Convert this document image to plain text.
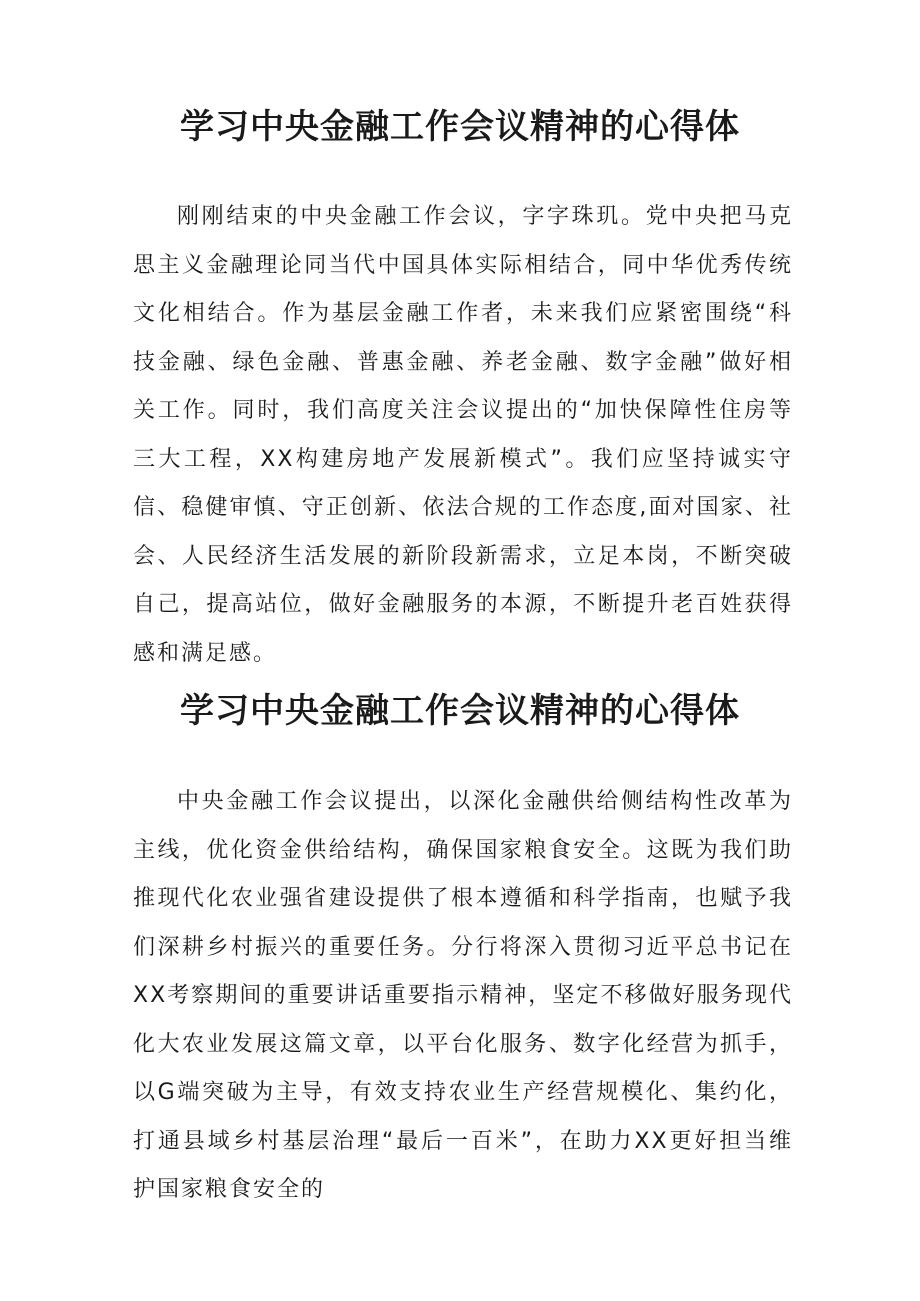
学习中央金融工作会议精神的心得体

刚刚结束的中央金融工作会议，字字珠玑。党中央把马克思主义金融理论同当代中国具体实际相结合，同中华优秀传统文化相结合。作为基层金融工作者，未来我们应紧密围绕“科技金融、绿色金融、普惠金融、养老金融、数字金融”做好相关工作。同时，我们高度关注会议提出的“加快保障性住房等三大工程，XX构建房地产发展新模式”。我们应坚持诚实守信、稳健审慎、守正创新、依法合规的工作态度,面对国家、社会、人民经济生活发展的新阶段新需求，立足本岗，不断突破自己，提高站位，做好金融服务的本源，不断提升老百姓获得感和满足感。

学习中央金融工作会议精神的心得体

中央金融工作会议提出，以深化金融供给侧结构性改革为主线，优化资金供给结构，确保国家粮食安全。这既为我们助推现代化农业强省建设提供了根本遵循和科学指南，也赋予我们深耕乡村振兴的重要任务。分行将深入贯彻习近平总书记在XX考察期间的重要讲话重要指示精神，坚定不移做好服务现代化大农业发展这篇文章，以平台化服务、数字化经营为抓手，以G端突破为主导，有效支持农业生产经营规模化、集约化，打通县域乡村基层治理“最后一百米”，在助力XX更好担当维护国家粮食安全的
